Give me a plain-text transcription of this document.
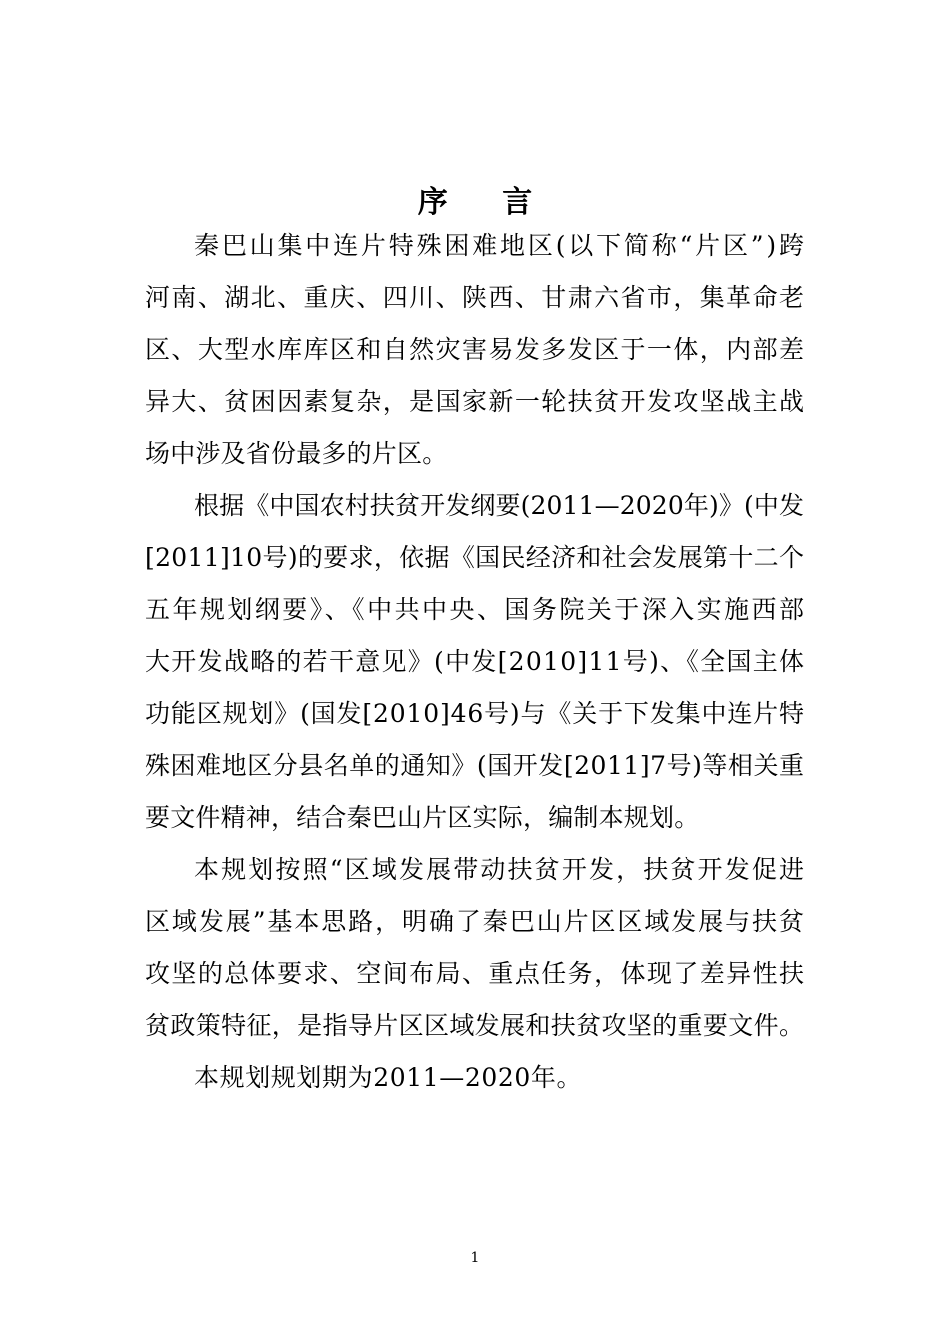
序 言
秦巴山集中连片特殊困难地区(以下简称“片区”)跨
河南、湖北、重庆、四川、陕西、甘肃六省市，集革命老
区、大型水库库区和自然灾害易发多发区于一体，内部差
异大、贫困因素复杂，是国家新一轮扶贫开发攻坚战主战
场中涉及省份最多的片区。
根据《中国农村扶贫开发纲要(2011—2020年)》(中发
[2011]10号)的要求，依据《国民经济和社会发展第十二个
五年规划纲要》、《中共中央、国务院关于深入实施西部
大开发战略的若干意见》(中发[2010]11号)、《全国主体
功能区规划》(国发[2010]46号)与《关于下发集中连片特
殊困难地区分县名单的通知》(国开发[2011]7号)等相关重
要文件精神，结合秦巴山片区实际，编制本规划。
本规划按照“区域发展带动扶贫开发，扶贫开发促进
区域发展”基本思路，明确了秦巴山片区区域发展与扶贫
攻坚的总体要求、空间布局、重点任务，体现了差异性扶
贫政策特征，是指导片区区域发展和扶贫攻坚的重要文件。
本规划规划期为2011—2020年。
1
